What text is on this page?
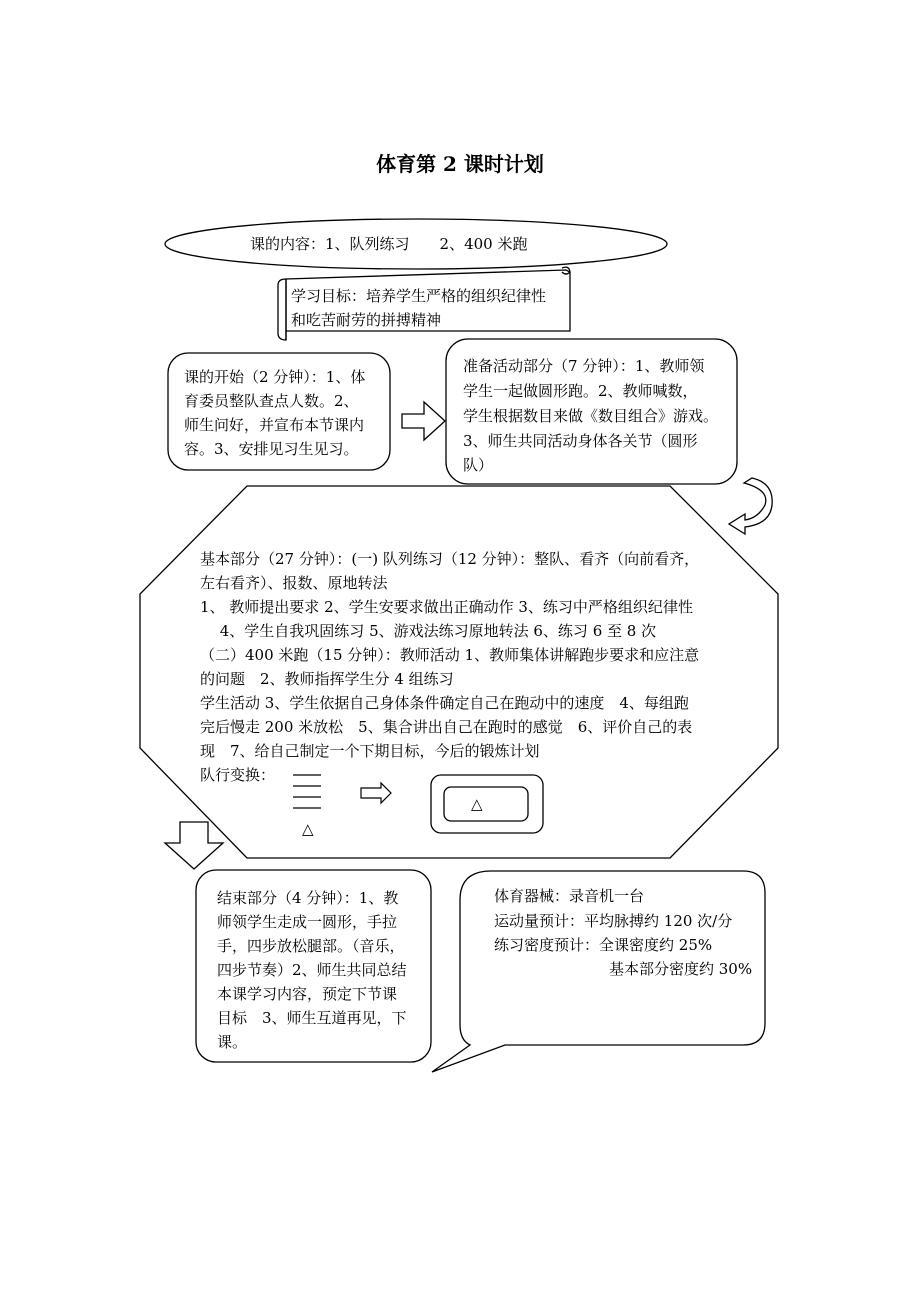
体育第 2 课时计划
课的内容：1、队列练习　　2、400 米跑
学习目标：培养学生严格的组织纪律性
和吃苦耐劳的拼搏精神
课的开始（2 分钟）：1、体
育委员整队查点人数。2、
师生问好，并宣布本节课内
容。3、安排见习生见习。
准备活动部分（7 分钟）：1、教师领
学生一起做圆形跑。2、教师喊数，
学生根据数目来做《数目组合》游戏。
3、师生共同活动身体各关节（圆形
队）
基本部分（27 分钟）：(一) 队列练习（12 分钟）：整队、看齐（向前看齐，
左右看齐）、报数、原地转法
1、 教师提出要求 2、学生安要求做出正确动作 3、练习中严格组织纪律性
　 4、学生自我巩固练习 5、游戏法练习原地转法 6、练习 6 至 8 次
（二）400 米跑（15 分钟）：教师活动 1、教师集体讲解跑步要求和应注意
的问题　2、教师指挥学生分 4 组练习
学生活动 3、学生依据自己身体条件确定自己在跑动中的速度　4、每组跑
完后慢走 200 米放松　5、集合讲出自己在跑时的感觉　6、评价自己的表
现　7、给自己制定一个下期目标，今后的锻炼计划
队行变换：
△
△
结束部分（4 分钟）：1、教
师领学生走成一圆形，手拉
手，四步放松腿部。（音乐，
四步节奏）2、师生共同总结
本课学习内容，预定下节课
目标　3、师生互道再见，下
课。
体育器械：录音机一台
运动量预计：平均脉搏约 120 次/分
练习密度预计：全课密度约 25%
基本部分密度约 30%
